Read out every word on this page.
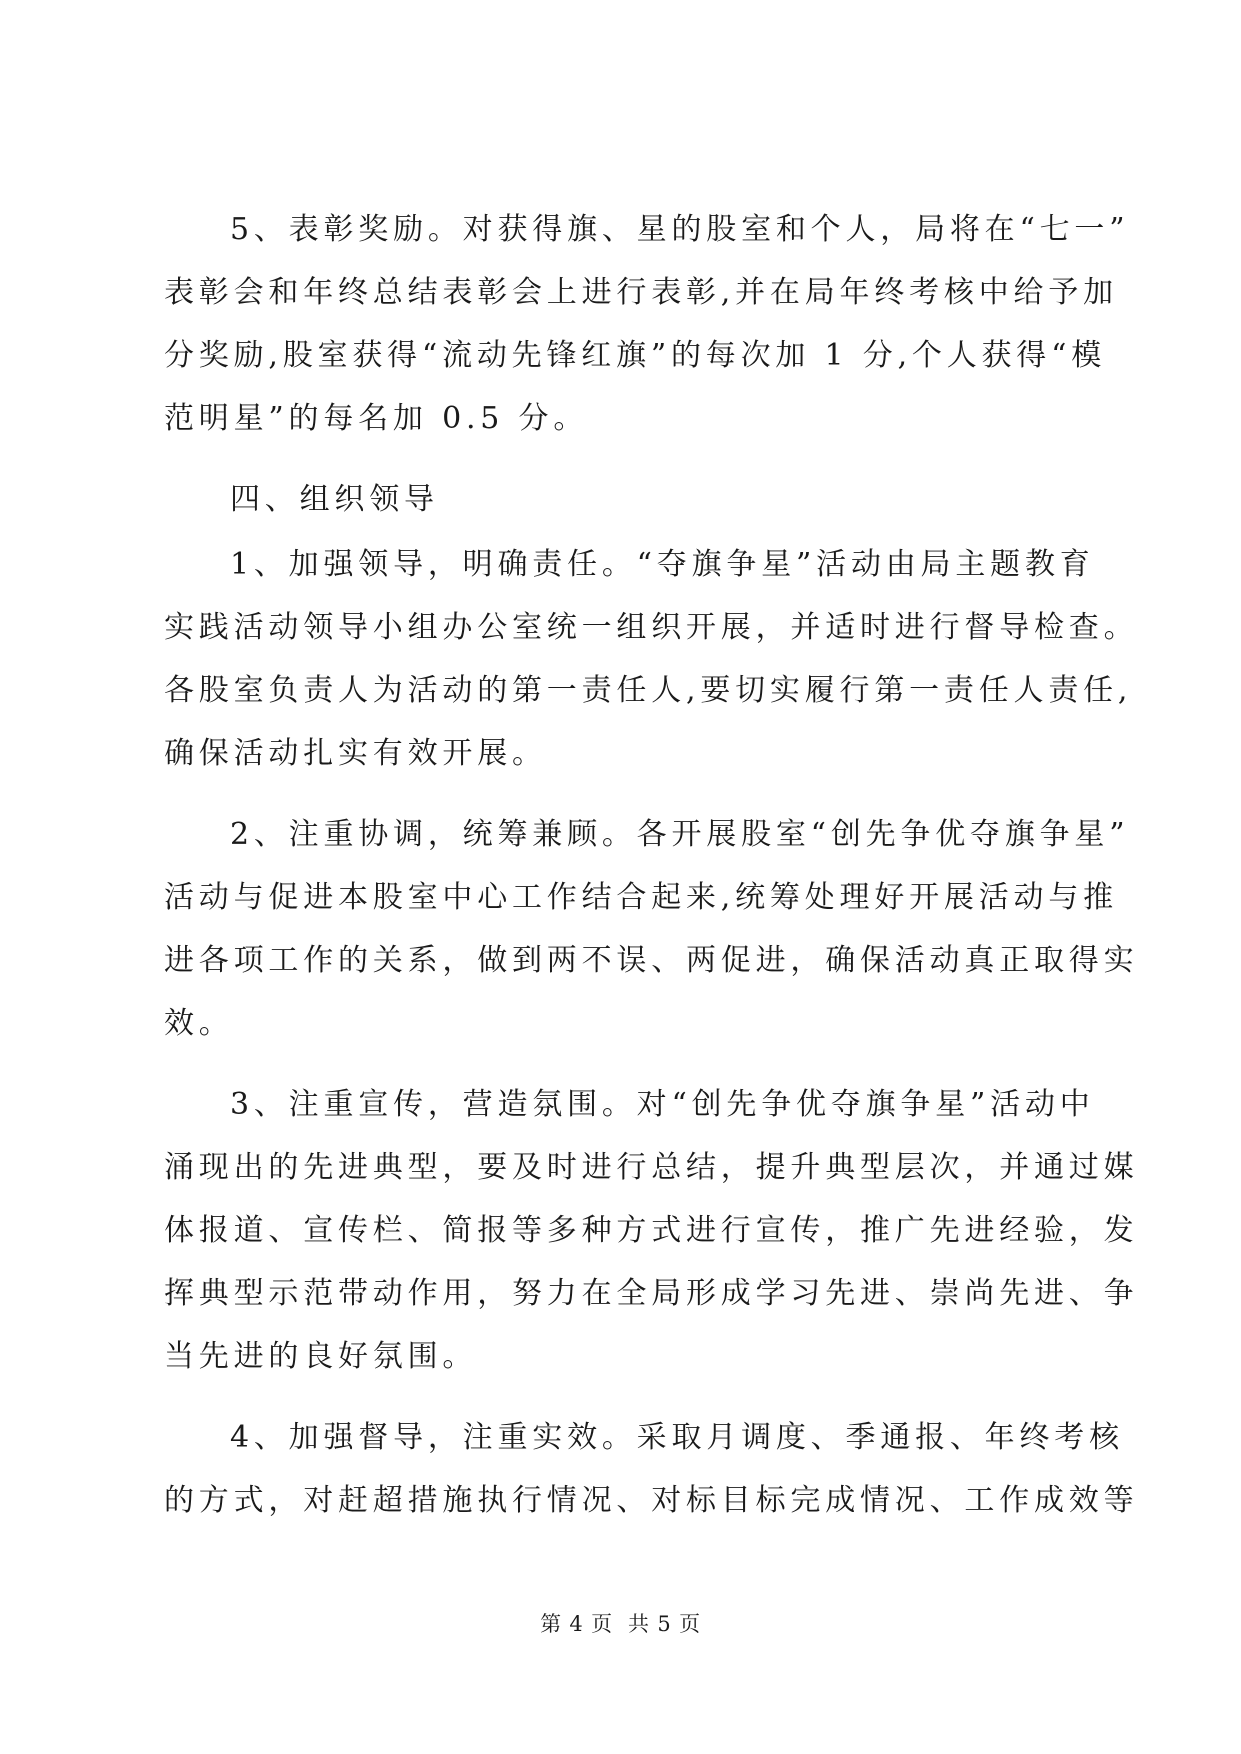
5、表彰奖励。对获得旗、星的股室和个人，局将在“七一”
表彰会和年终总结表彰会上进行表彰,并在局年终考核中给予加
分奖励,股室获得“流动先锋红旗”的每次加 1 分,个人获得“模
范明星”的每名加 0.5 分。
四、组织领导
1、加强领导，明确责任。“夺旗争星”活动由局主题教育
实践活动领导小组办公室统一组织开展，并适时进行督导检查。
各股室负责人为活动的第一责任人,要切实履行第一责任人责任,
确保活动扎实有效开展。
2、注重协调，统筹兼顾。各开展股室“创先争优夺旗争星”
活动与促进本股室中心工作结合起来,统筹处理好开展活动与推
进各项工作的关系，做到两不误、两促进，确保活动真正取得实
效。
3、注重宣传，营造氛围。对“创先争优夺旗争星”活动中
涌现出的先进典型，要及时进行总结，提升典型层次，并通过媒
体报道、宣传栏、简报等多种方式进行宣传，推广先进经验，发
挥典型示范带动作用，努力在全局形成学习先进、崇尚先进、争
当先进的良好氛围。
4、加强督导，注重实效。采取月调度、季通报、年终考核
的方式，对赶超措施执行情况、对标目标完成情况、工作成效等
第 4 页  共 5 页
